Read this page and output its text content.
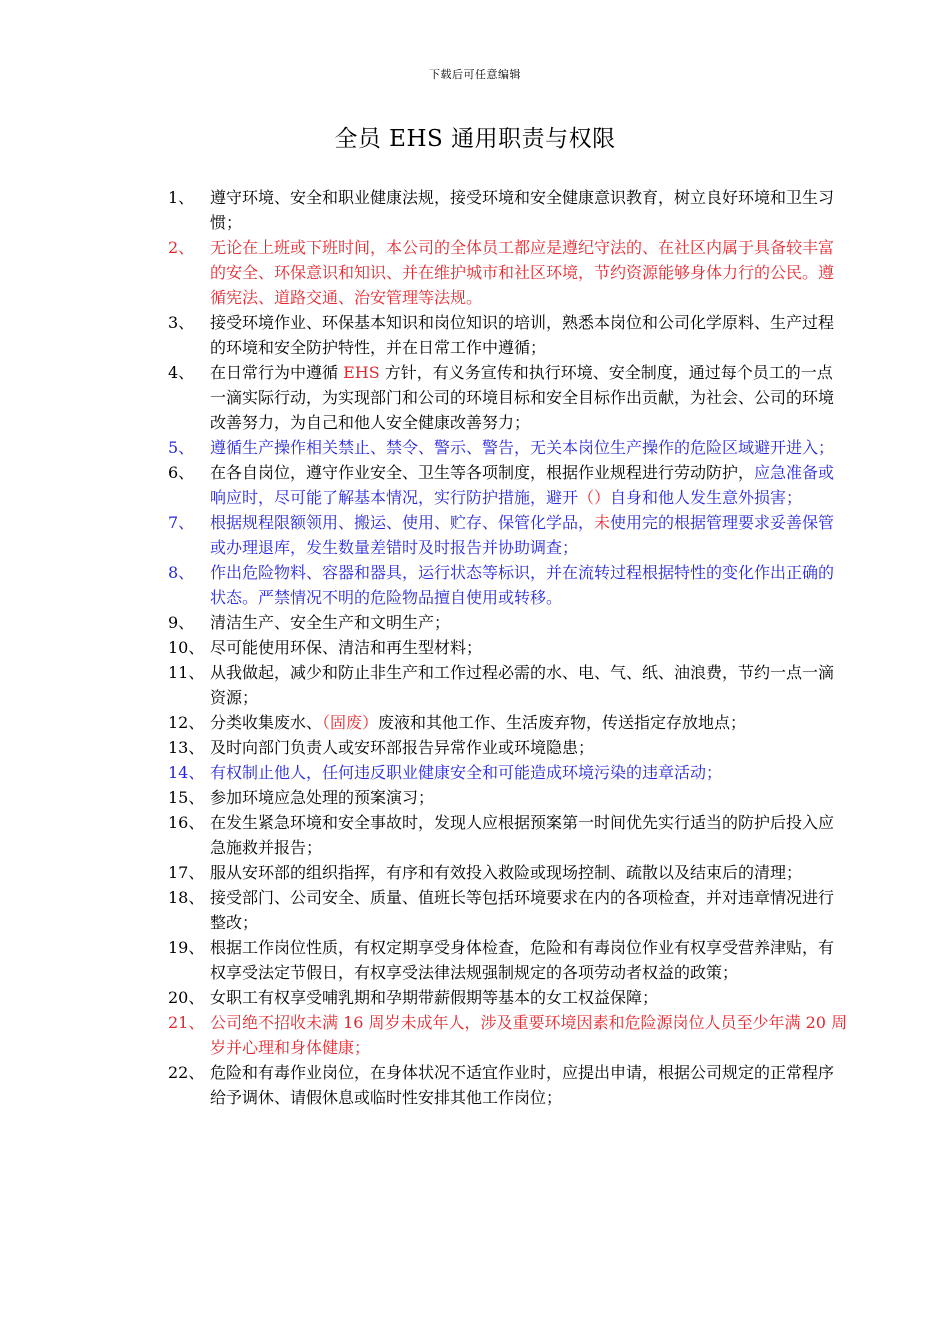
下载后可任意编辑
全员 EHS 通用职责与权限
1、 遵守环境、安全和职业健康法规，接受环境和安全健康意识教育，树立良好环境和卫生习惯；
2、 无论在上班或下班时间，本公司的全体员工都应是遵纪守法的、在社区内属于具备较丰富的安全、环保意识和知识、并在维护城市和社区环境，节约资源能够身体力行的公民。遵循宪法、道路交通、治安管理等法规。
3、 接受环境作业、环保基本知识和岗位知识的培训，熟悉本岗位和公司化学原料、生产过程的环境和安全防护特性，并在日常工作中遵循；
4、 在日常行为中遵循 EHS 方针，有义务宣传和执行环境、安全制度，通过每个员工的一点一滴实际行动，为实现部门和公司的环境目标和安全目标作出贡献，为社会、公司的环境改善努力，为自己和他人安全健康改善努力；
5、 遵循生产操作相关禁止、禁令、警示、警告，无关本岗位生产操作的危险区域避开进入；
6、 在各自岗位，遵守作业安全、卫生等各项制度，根据作业规程进行劳动防护，应急准备或响应时，尽可能了解基本情况，实行防护措施，避开（）自身和他人发生意外损害；
7、 根据规程限额领用、搬运、使用、贮存、保管化学品，未使用完的根据管理要求妥善保管或办理退库，发生数量差错时及时报告并协助调查；
8、 作出危险物料、容器和器具，运行状态等标识，并在流转过程根据特性的变化作出正确的状态。严禁情况不明的危险物品擅自使用或转移。
9、 清洁生产、安全生产和文明生产；
10、 尽可能使用环保、清洁和再生型材料；
11、 从我做起，减少和防止非生产和工作过程必需的水、电、气、纸、油浪费，节约一点一滴资源；
12、 分类收集废水、（固废）废液和其他工作、生活废弃物，传送指定存放地点；
13、 及时向部门负责人或安环部报告异常作业或环境隐患；
14、 有权制止他人，任何违反职业健康安全和可能造成环境污染的违章活动；
15、 参加环境应急处理的预案演习；
16、 在发生紧急环境和安全事故时，发现人应根据预案第一时间优先实行适当的防护后投入应急施救并报告；
17、 服从安环部的组织指挥，有序和有效投入救险或现场控制、疏散以及结束后的清理；
18、 接受部门、公司安全、质量、值班长等包括环境要求在内的各项检查，并对违章情况进行整改；
19、 根据工作岗位性质，有权定期享受身体检查，危险和有毒岗位作业有权享受营养津贴，有权享受法定节假日，有权享受法律法规强制规定的各项劳动者权益的政策；
20、 女职工有权享受哺乳期和孕期带薪假期等基本的女工权益保障；
21、 公司绝不招收未满 16 周岁未成年人，涉及重要环境因素和危险源岗位人员至少年满 20 周岁并心理和身体健康；
22、 危险和有毒作业岗位，在身体状况不适宜作业时，应提出申请，根据公司规定的正常程序给予调休、请假休息或临时性安排其他工作岗位；
